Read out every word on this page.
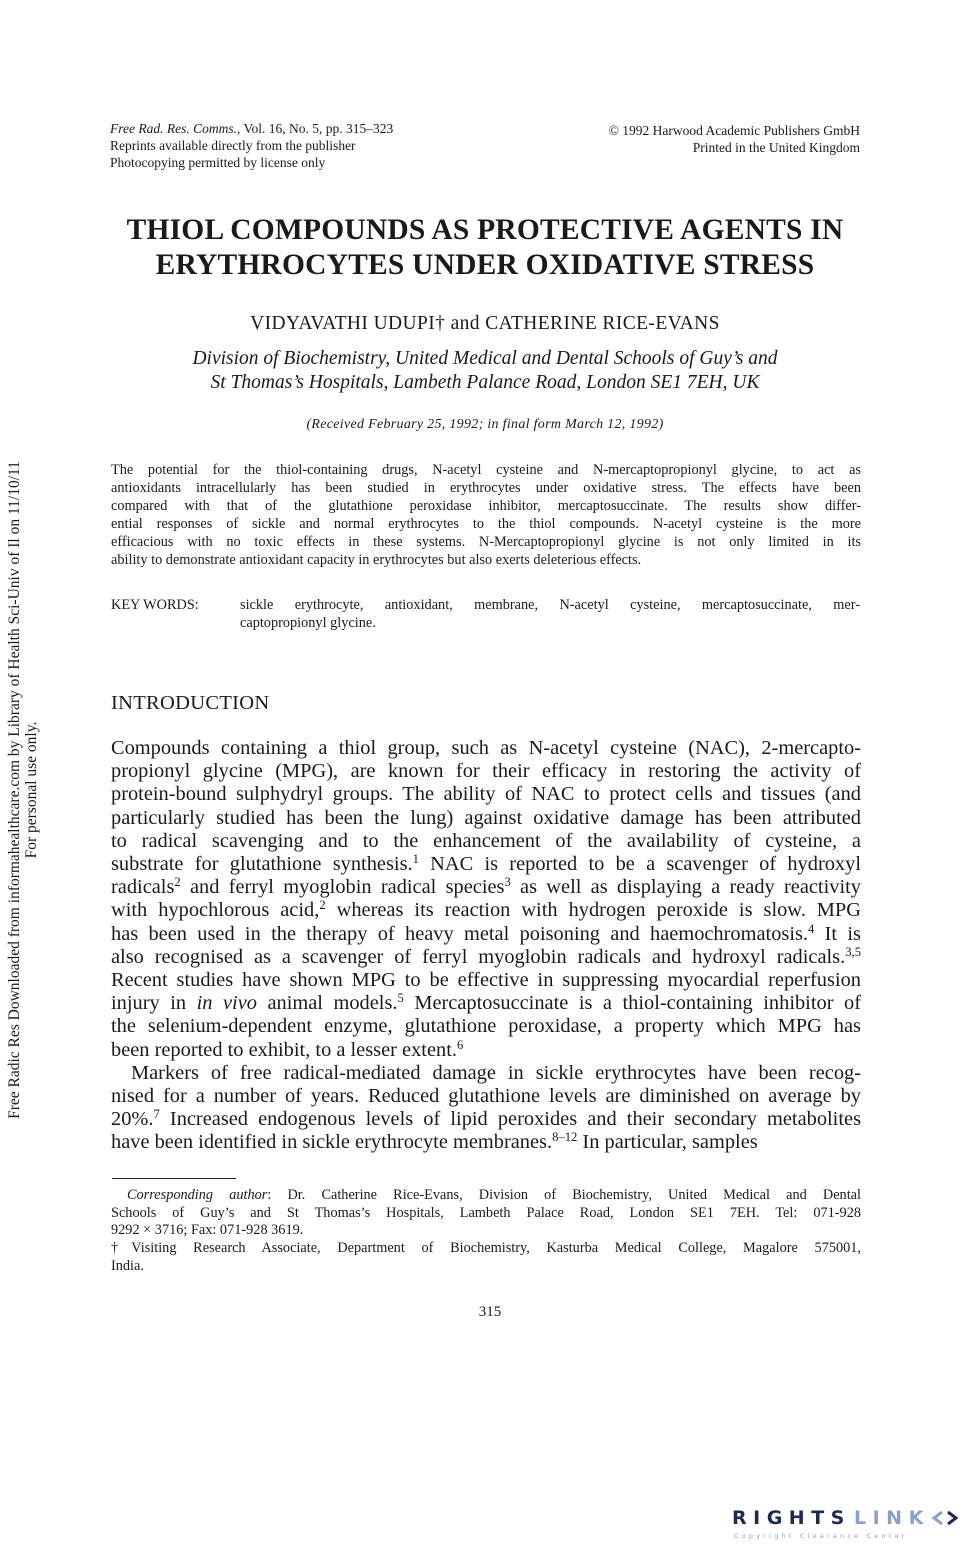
Free Rad. Res. Comms., Vol. 16, No. 5, pp. 315–323
Reprints available directly from the publisher
Photocopying permitted by license only
© 1992 Harwood Academic Publishers GmbH
Printed in the United Kingdom
THIOL COMPOUNDS AS PROTECTIVE AGENTS IN
ERYTHROCYTES UNDER OXIDATIVE STRESS
VIDYAVATHI UDUPI† and CATHERINE RICE-EVANS
Division of Biochemistry, United Medical and Dental Schools of Guy’s and
St Thomas’s Hospitals, Lambeth Palance Road, London SE1 7EH, UK
(Received February 25, 1992; in final form March 12, 1992)
The potential for the thiol-containing drugs, N-acetyl cysteine and N-mercaptopropionyl glycine, to act as
antioxidants intracellularly has been studied in erythrocytes under oxidative stress. The effects have been
compared with that of the glutathione peroxidase inhibitor, mercaptosuccinate. The results show differ-
ential responses of sickle and normal erythrocytes to the thiol compounds. N-acetyl cysteine is the more
efficacious with no toxic effects in these systems. N-Mercaptopropionyl glycine is not only limited in its
ability to demonstrate antioxidant capacity in erythrocytes but also exerts deleterious effects.
KEY WORDS:	sickle erythrocyte, antioxidant, membrane, N-acetyl cysteine, mercaptosuccinate, mer-
captopropionyl glycine.
INTRODUCTION
Compounds containing a thiol group, such as N-acetyl cysteine (NAC), 2-mercapto-
propionyl glycine (MPG), are known for their efficacy in restoring the activity of
protein-bound sulphydryl groups. The ability of NAC to protect cells and tissues (and
particularly studied has been the lung) against oxidative damage has been attributed
to radical scavenging and to the enhancement of the availability of cysteine, a
substrate for glutathione synthesis.$^1$ NAC is reported to be a scavenger of hydroxyl
radicals$^2$ and ferryl myoglobin radical species$^3$ as well as displaying a ready reactivity
with hypochlorous acid,$^2$ whereas its reaction with hydrogen peroxide is slow. MPG
has been used in the therapy of heavy metal poisoning and haemochromatosis.$^4$ It is
also recognised as a scavenger of ferryl myoglobin radicals and hydroxyl radicals.$^{3,5}$
Recent studies have shown MPG to be effective in suppressing myocardial reperfusion
injury in in vivo animal models.$^5$ Mercaptosuccinate is a thiol-containing inhibitor of
the selenium-dependent enzyme, glutathione peroxidase, a property which MPG has
been reported to exhibit, to a lesser extent.$^6$
Markers of free radical-mediated damage in sickle erythrocytes have been recog-
nised for a number of years. Reduced glutathione levels are diminished on average by
20%.$^7$ Increased endogenous levels of lipid peroxides and their secondary metabolites
have been identified in sickle erythrocyte membranes.$^{8-12}$ In particular, samples
Corresponding author: Dr. Catherine Rice-Evans, Division of Biochemistry, United Medical and Dental
Schools of Guy’s and St Thomas’s Hospitals, Lambeth Palace Road, London SE1 7EH. Tel: 071-928
9292 × 3716; Fax: 071-928 3619.
†Visiting Research Associate, Department of Biochemistry, Kasturba Medical College, Magalore 575001,
India.
315
Free Radic Res Downloaded from informahealthcare.com by Library of Health Sci-Univ of Il on 11/10/11 For personal use only.
RIGHTS LINK
Copyright Clearance Center
